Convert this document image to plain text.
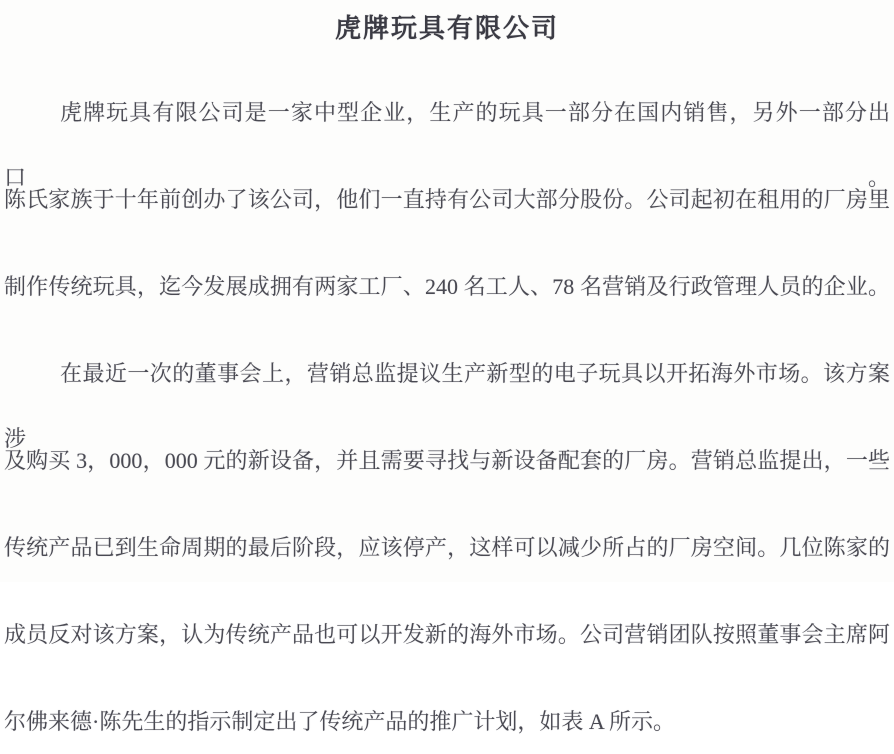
虎牌玩具有限公司

虎牌玩具有限公司是一家中型企业，生产的玩具一部分在国内销售，另外一部分出口。

陈氏家族于十年前创办了该公司，他们一直持有公司大部分股份。公司起初在租用的厂房里

制作传统玩具，迄今发展成拥有两家工厂、240 名工人、78 名营销及行政管理人员的企业。

在最近一次的董事会上，营销总监提议生产新型的电子玩具以开拓海外市场。该方案涉

及购买 3，000，000 元的新设备，并且需要寻找与新设备配套的厂房。营销总监提出，一些

传统产品已到生命周期的最后阶段，应该停产，这样可以减少所占的厂房空间。几位陈家的

成员反对该方案，认为传统产品也可以开发新的海外市场。公司营销团队按照董事会主席阿

尔佛来德·陈先生的指示制定出了传统产品的推广计划，如表 A 所示。
